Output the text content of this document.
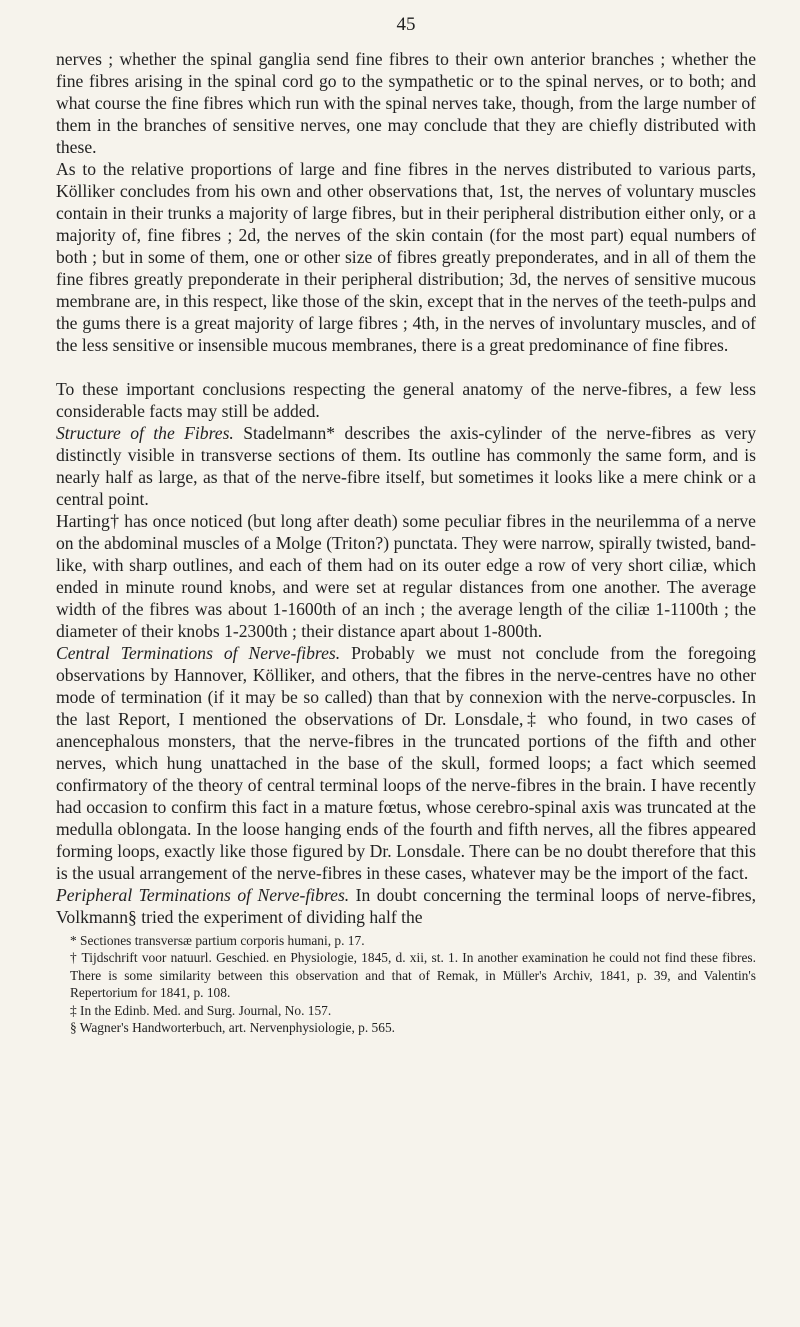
45

nerves ; whether the spinal ganglia send fine fibres to their own anterior branches ; whether the fine fibres arising in the spinal cord go to the sympathetic or to the spinal nerves, or to both; and what course the fine fibres which run with the spinal nerves take, though, from the large number of them in the branches of sensitive nerves, one may conclude that they are chiefly distributed with these.

As to the relative proportions of large and fine fibres in the nerves distributed to various parts, Kölliker concludes from his own and other observations that, 1st, the nerves of voluntary muscles contain in their trunks a majority of large fibres, but in their peripheral distribution either only, or a majority of, fine fibres ; 2d, the nerves of the skin contain (for the most part) equal numbers of both ; but in some of them, one or other size of fibres greatly preponderates, and in all of them the fine fibres greatly preponderate in their peripheral distribution; 3d, the nerves of sensitive mucous membrane are, in this respect, like those of the skin, except that in the nerves of the teeth-pulps and the gums there is a great majority of large fibres ; 4th, in the nerves of involuntary muscles, and of the less sensitive or insensible mucous membranes, there is a great predominance of fine fibres.

To these important conclusions respecting the general anatomy of the nerve-fibres, a few less considerable facts may still be added.

Structure of the Fibres. Stadelmann* describes the axis-cylinder of the nerve-fibres as very distinctly visible in transverse sections of them. Its outline has commonly the same form, and is nearly half as large, as that of the nerve-fibre itself, but sometimes it looks like a mere chink or a central point.

Harting† has once noticed (but long after death) some peculiar fibres in the neurilemma of a nerve on the abdominal muscles of a Molge (Triton?) punctata. They were narrow, spirally twisted, band-like, with sharp outlines, and each of them had on its outer edge a row of very short ciliæ, which ended in minute round knobs, and were set at regular distances from one another. The average width of the fibres was about 1-1600th of an inch ; the average length of the ciliæ 1-1100th ; the diameter of their knobs 1-2300th ; their distance apart about 1-800th.

Central Terminations of Nerve-fibres. Probably we must not conclude from the foregoing observations by Hannover, Kölliker, and others, that the fibres in the nerve-centres have no other mode of termination (if it may be so called) than that by connexion with the nerve-corpuscles. In the last Report, I mentioned the observations of Dr. Lonsdale,‡ who found, in two cases of anencephalous monsters, that the nerve-fibres in the truncated portions of the fifth and other nerves, which hung unattached in the base of the skull, formed loops; a fact which seemed confirmatory of the theory of central terminal loops of the nerve-fibres in the brain. I have recently had occasion to confirm this fact in a mature fœtus, whose cerebro-spinal axis was truncated at the medulla oblongata. In the loose hanging ends of the fourth and fifth nerves, all the fibres appeared forming loops, exactly like those figured by Dr. Lonsdale. There can be no doubt therefore that this is the usual arrangement of the nerve-fibres in these cases, whatever may be the import of the fact.

Peripheral Terminations of Nerve-fibres. In doubt concerning the terminal loops of nerve-fibres, Volkmann§ tried the experiment of dividing half the

* Sectiones transversæ partium corporis humani, p. 17.

† Tijdschrift voor natuurl. Geschied. en Physiologie, 1845, d. xii, st. 1. In another examination he could not find these fibres. There is some similarity between this observation and that of Remak, in Müller's Archiv, 1841, p. 39, and Valentin's Repertorium for 1841, p. 108.

‡ In the Edinb. Med. and Surg. Journal, No. 157.

§ Wagner's Handworterbuch, art. Nervenphysiologie, p. 565.
